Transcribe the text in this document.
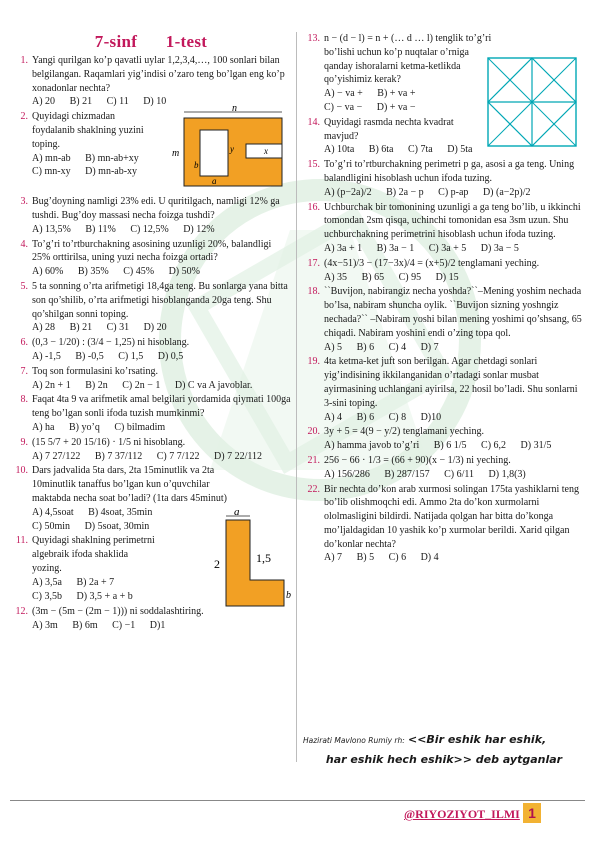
7-sinf 1-test
1. Yangi qurilgan ko’p qavatli uylar 1,2,3,4,…, 100 sonlari bilan belgilangan. Raqamlari yig’indisi o’zaro teng bo’lgan eng ko’p xonadonlar nechta?
A) 20 B) 21 C) 11 D) 10
2. Quyidagi chizmadan foydalanib shaklning yuzini toping.
A) mn-ab B) mn-ab+xy
C) mn-xy D) mn-ab-xy
n
m
b
a
y	x
3. Bug’doyning namligi 23% edi. U quritilgach, namligi 12% ga tushdi. Bug’doy massasi necha foizga tushdi?
A) 13,5% B) 11% C) 12,5% D) 12%
4. To’g’ri to’rtburchakning asosining uzunligi 20%, balandligi 25% orttirilsa, uning yuzi necha foizga ortadi?
A) 60% B) 35% C) 45% D) 50%
5. 5 ta sonning o’rta arifmetigi 18,4ga teng. Bu sonlarga yana bitta son qo’shilib, o’rta arifmetigi hisoblanganda 20ga teng. Shu qo’shilgan sonni toping.
A) 28 B) 21 C) 31 D) 20
6. (0,3 − 1/20) : (3/4 − 1,25) ni hisoblang.
A) -1,5 B) -0,5 C) 1,5 D) 0,5
7. Toq son formulasini ko’rsating.
A) 2n + 1 B) 2n C) 2n − 1 D) C va A javoblar.
8. Faqat 4ta 9 va arifmetik amal belgilari yordamida qiymati 100ga teng bo’lgan sonli ifoda tuzish mumkinmi?
A) ha B) yo’q C) bilmadim
9. (15 5/7 + 20 15/16) · 1/5 ni hisoblang.
A) 7 27/122 B) 7 37/112 C) 7 7/122 D) 7 22/112
10. Dars jadvalida 5ta dars, 2ta 15minutlik va 2ta 10minutlik tanaffus bo’lgan kun o’quvchilar maktabda necha soat bo’ladi? (1ta dars 45minut)
A) 4,5soat B) 4soat, 35min
C) 50min D) 5soat, 30min
11. Quyidagi shaklning perimetrni algebraik ifoda shaklida yozing.
A) 3,5a B) 2a + 7
C) 3,5b D) 3,5 + a + b
a
1,5
2
b
12. (3m − (5m − (2m − 1))) ni soddalashtiring.
A) 3m B) 6m C) −1 D)1
13. n − (d − l) = n + (… d … l) tenglik to’g’ri bo’lishi uchun ko’p nuqtalar o’rniga qanday ishoralarni ketma-ketlikda qo’yishimiz kerak?
A) − va + B) + va +
C) − va − D) + va −
14. Quyidagi rasmda nechta kvadrat mavjud?
A) 10ta B) 6ta C) 7ta D) 5ta
15. To’g’ri to’rtburchakning perimetri p ga, asosi a ga teng. Uning balandligini hisoblash uchun ifoda tuzing.
A) (p−2a)/2 B) 2a − p C) p-ap D) (a−2p)/2
16. Uchburchak bir tomonining uzunligi a ga teng bo’lib, u ikkinchi tomondan 2sm qisqa, uchinchi tomonidan esa 3sm uzun. Shu uchburchakning perimetrini hisoblash uchun ifoda tuzing.
A) 3a + 1 B) 3a − 1 C) 3a + 5 D) 3a − 5
17. (4x−51)/3 − (17−3x)/4 = (x+5)/2 tenglamani yeching.
A) 35 B) 65 C) 95 D) 15
18. ``Buvijon, nabirangiz necha yoshda?``–Mening yoshim nechada bo’lsa, nabiram shuncha oylik. ``Buvijon sizning yoshngiz nechada?`` –Nabiram yoshi bilan mening yoshimi qo’shsang, 65 chiqadi. Nabiram yoshini endi o’zing topa qol.
A) 5 B) 6 C) 4 D) 7
19. 4ta ketma-ket juft son berilgan. Agar chetdagi sonlari yig’indisining ikkilanganidan o’rtadagi sonlar musbat ayirmasining uchlangani ayirilsa, 22 hosil bo’ladi. Shu sonlarni 3-sini toping.
A) 4 B) 6 C) 8 D)10
20. 3y + 5 = 4(9 − y/2) tenglamani yeching.
A) hamma javob to’g’ri B) 6 1/5 C) 6,2 D) 31/5
21. 256 − 66 · 1/3 = (66 + 90)(x − 1/3) ni yeching.
A) 156/286 B) 287/157 C) 6/11 D) 1,8(3)
22. Bir nechta do’kon arab xurmosi solingan 175ta yashiklarni teng bo’lib olishmoqchi edi. Ammo 2ta do’kon xurmolarni ololmasligini bildirdi. Natijada qolgan har bitta do’konga mo’ljaldagidan 10 yashik ko’p xurmolar berildi. Xarid qilgan do’konlar nechta?
A) 7 B) 5 C) 6 D) 4
Hazirati Mavlono Rumiy rh: <<Bir eshik har eshik,
har eshik hech eshik>> deb aytganlar
@RIYOZIYOT_ILMI 1
